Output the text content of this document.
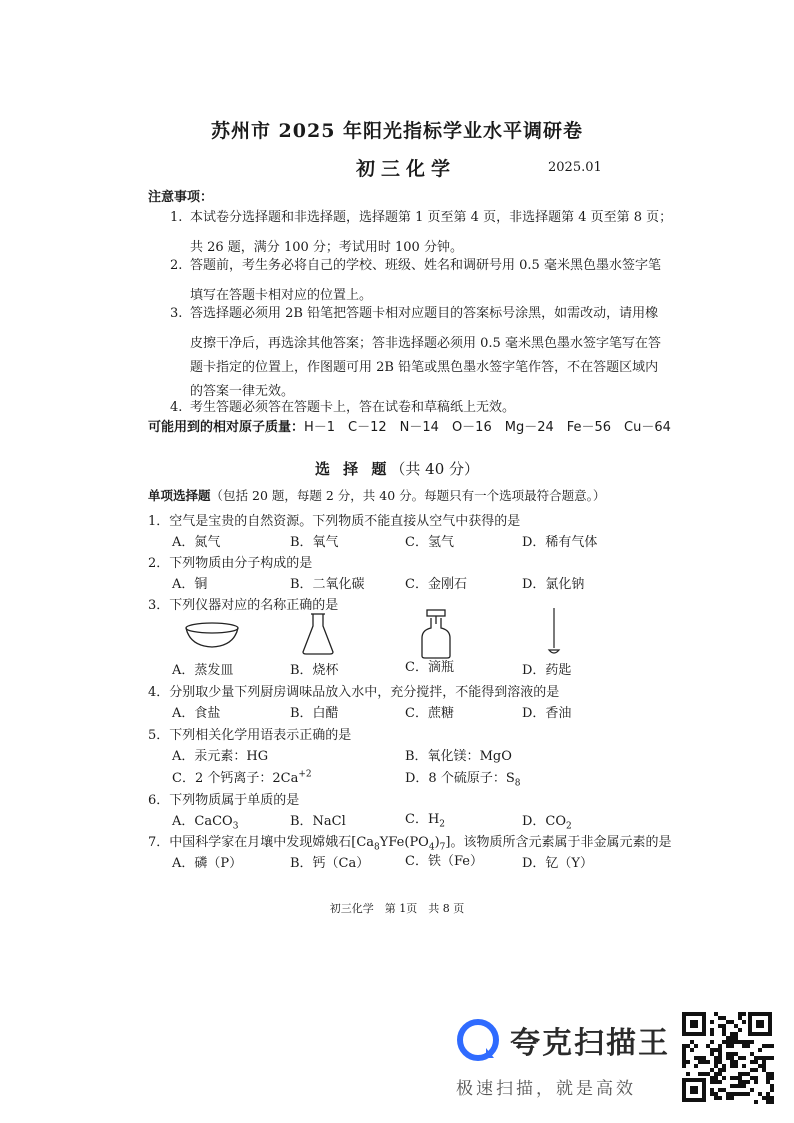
苏州市 2025 年阳光指标学业水平调研卷
初三化学	2025.01
注意事项：
1. 本试卷分选择题和非选择题，选择题第 1 页至第 4 页，非选择题第 4 页至第 8 页；
共 26 题，满分 100 分；考试用时 100 分钟。
2. 答题前，考生务必将自己的学校、班级、姓名和调研号用 0.5 毫米黑色墨水签字笔
填写在答题卡相对应的位置上。
3. 答选择题必须用 2B 铅笔把答题卡相对应题目的答案标号涂黑，如需改动，请用橡
皮擦干净后，再选涂其他答案；答非选择题必须用 0.5 毫米黑色墨水签字笔写在答
题卡指定的位置上，作图题可用 2B 铅笔或黑色墨水签字笔作答，不在答题区域内
的答案一律无效。
4. 考生答题必须答在答题卡上，答在试卷和草稿纸上无效。
可能用到的相对原子质量：H－1　C－12　N－14　O－16　Mg－24　Fe－56　Cu－64
选 择 题（共 40 分）
单项选择题（包括 20 题，每题 2 分，共 40 分。每题只有一个选项最符合题意。）
1．空气是宝贵的自然资源。下列物质不能直接从空气中获得的是
A．氮气	B．氧气	C．氢气	D．稀有气体
2．下列物质由分子构成的是
A．铜	B．二氧化碳	C．金刚石	D．氯化钠
3．下列仪器对应的名称正确的是
A．蒸发皿	B．烧杯	C．滴瓶	D．药匙
4．分别取少量下列厨房调味品放入水中，充分搅拌，不能得到溶液的是
A．食盐	B．白醋	C．蔗糖	D．香油
5．下列相关化学用语表示正确的是
A．汞元素：HG	B．氧化镁：MgO
C．2 个钙离子：$2Ca^{+2}$	D．8 个硫原子：$S_8$
6．下列物质属于单质的是
A．CaCO$_3$	B．NaCl	C．$H_2$	D．$CO_2$
7．中国科学家在月壤中发现嫦娥石$[Ca_8YFe(PO_4)_7]$。该物质所含元素属于非金属元素的是
A．磷（P）	B．钙（Ca）	C．铁（Fe）	D．钇（Y）
初三化学　第 1页　共 8 页
夸克扫描王
极速扫描，就是高效
